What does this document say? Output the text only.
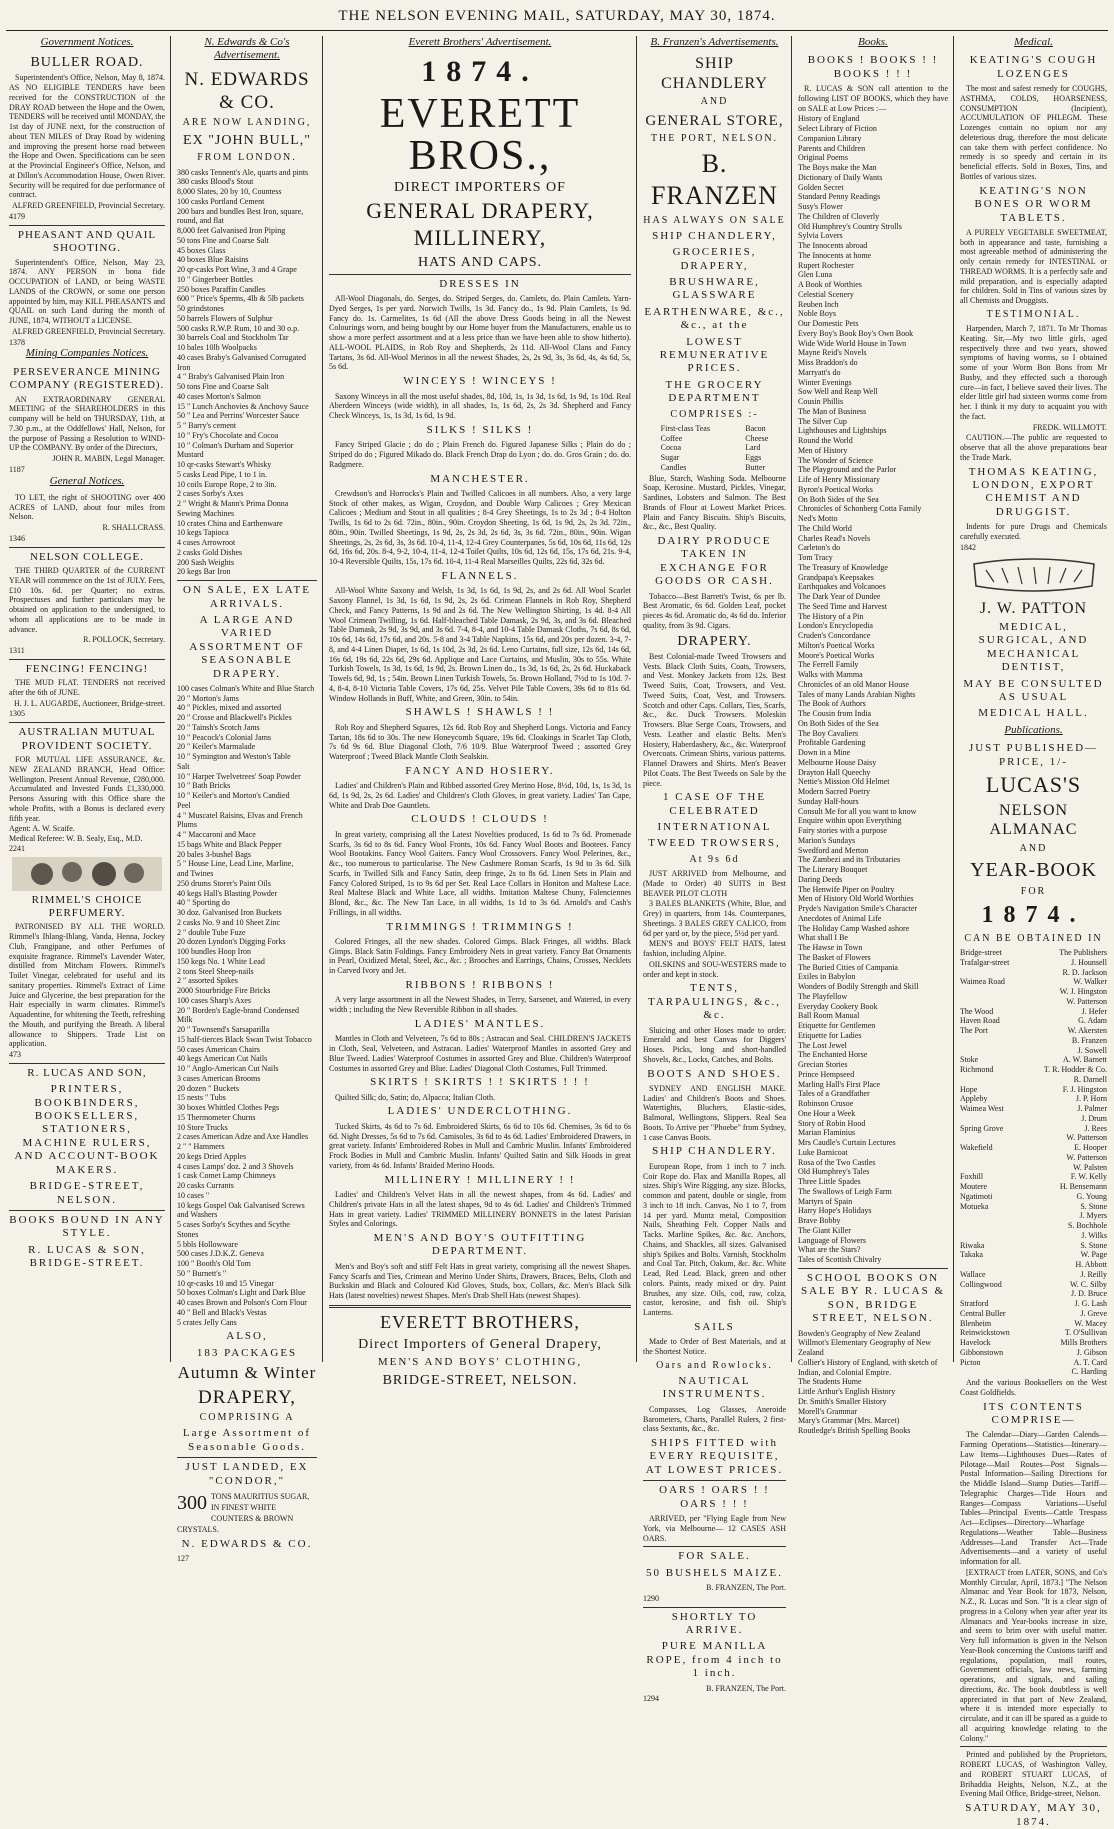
THE NELSON EVENING MAIL, SATURDAY, MAY 30, 1874.
Government Notices.
BULLER ROAD.
Superintendent's Office, Nelson, May 8, 1874. AS NO ELIGIBLE TENDERS have been received for the CONSTRUCTION of the DRAY ROAD between the Hope and the Owen, TENDERS will be received until MONDAY, the 1st day of JUNE next, for the construction of about TEN MILES of Dray Road by widening and improving the present horse road between the Hope and Owen. Specifications can be seen at the Provincial Engineer's Office, Nelson, and at Dillon's Accommodation House, Owen River. Security will be required for due performance of contract.
ALFRED GREENFIELD, Provincial Secretary.
4179
PHEASANT AND QUAIL SHOOTING.
Superintendent's Office, Nelson, May 23, 1874. ANY PERSON in bona fide OCCUPATION of LAND, or being WASTE LANDS of the CROWN, or some one person appointed by him, may KILL PHEASANTS and QUAIL on such Land during the month of JUNE, 1874, WITHOUT a LICENSE.
ALFRED GREENFIELD, Provincial Secretary.
1378
Mining Companies Notices.
PERSEVERANCE MINING COMPANY (REGISTERED).
AN EXTRAORDINARY GENERAL MEETING of the SHAREHOLDERS in this company will be held on THURSDAY, 11th, at 7.30 p.m., at the Oddfellows' Hall, Nelson, for the purpose of Passing a Resolution to WIND-UP the COMPANY. By order of the Directors,
JOHN R. MABIN, Legal Manager.
1187
General Notices.
TO LET, the right of SHOOTING over 400 ACRES of LAND, about four miles from Nelson.
R. SHALLCRASS.
1346
NELSON COLLEGE.
THE THIRD QUARTER of the CURRENT YEAR will commence on the 1st of JULY. Fees, £10 10s. 6d. per Quarter; no extras. Prospectuses and further particulars may be obtained on application to the undersigned, to whom all applications are to be made in advance.
R. POLLOCK, Secretary.
1311
FENCING! FENCING!
THE MUD FLAT. TENDERS not received after the 6th of JUNE.
H. J. L. AUGARDE, Auctioneer, Bridge-street.
1305
AUSTRALIAN MUTUAL PROVIDENT SOCIETY.
FOR MUTUAL LIFE ASSURANCE, &c. NEW ZEALAND BRANCH, Head Office: Wellington. Present Annual Revenue, £280,000. Accumulated and Invested Funds £1,330,000. Persons Assuring with this Office share the whole Profits, with a Bonus is declared every fifth year.
Agent: A. W. Scaife.
Medical Referee: W. B. Sealy, Esq., M.D.
2241
RIMMEL'S CHOICE PERFUMERY.
PATRONISED BY ALL THE WORLD. Rimmel's Ihlang-Ihlang, Vanda, Henna, Jockey Club, Frangipane, and other Perfumes of exquisite fragrance. Rimmel's Lavender Water, distilled from Mitcham Flowers. Rimmel's Toilet Vinegar, celebrated for useful and its sanitary properties. Rimmel's Extract of Lime Juice and Glycerine, the best preparation for the Hair especially in warm climates. Rimmel's Aquadentine, for whitening the Teeth, refreshing the Mouth, and purifying the Breath. A liberal allowance to Shippers. Trade List on application.
473
R. LUCAS AND SON,
PRINTERS, BOOKBINDERS, BOOKSELLERS, STATIONERS, MACHINE RULERS, AND ACCOUNT-BOOK MAKERS.
BRIDGE-STREET, NELSON.
BOOKS BOUND IN ANY STYLE.
R. LUCAS & SON, BRIDGE-STREET.
N. Edwards & Co's Advertisement.
N. EDWARDS & CO.
ARE NOW LANDING,
EX "JOHN BULL,"
FROM LONDON.
380 casks Tennent's Ale, quarts and pints
380 casks Blood's Stout
8,000 Slates, 20 by 10, Countess
100 casks Portland Cement
200 bars and bundles Best Iron, square,
round, and flat
8,000 feet Galvanised Iron Piping
50 tons Fine and Coarse Salt
45 boxes Glass
40 boxes Blue Raisins
20 qr-casks Port Wine, 3 and 4 Grape
10 " Gingerbeer Bottles
250 boxes Paraffin Candles
600 " Price's Sperms, 4lb & 5lb packets
50 grindstones
50 barrels Flowers of Sulphur
500 casks R.W.P. Rum, 10 and 30 o.p.
30 barrels Coal and Stockholm Tar
10 bales 10lb Woolpacks
40 cases Braby's Galvanised Corrugated
Iron
4 " Braby's Galvanised Plain Iron
50 tons Fine and Coarse Salt
40 cases Morton's Salmon
15 " Lunch Anchovies & Anchovy Sauce
50 " Lea and Perrins' Worcester Sauce
5 " Barry's cement
10 " Fry's Chocolate and Cocoa
10 " Colman's Durham and Superior
Mustard
10 qr-casks Stewart's Whisky
5 casks Lead Pipe, 1 to 1 in.
10 coils Europe Rope, 2 to 3in.
2 cases Sorby's Axes
2 " Wright & Mann's Prima Donna
Sewing Machines
10 crates China and Earthenware
10 kegs Tapioca
4 cases Arrowroot
2 casks Gold Dishes
200 Sash Weights
20 kegs Bar Iron
ON SALE, EX LATE ARRIVALS.
A LARGE AND VARIED ASSORTMENT OF SEASONABLE DRAPERY.
100 cases Colman's White and Blue Starch
20 " Morton's Jams
40 " Pickles, mixed and assorted
20 " Crosse and Blackwell's Pickles
20 " Tainsh's Scotch Jams
10 " Peacock's Colonial Jams
20 " Keiler's Marmalade
10 " Symington and Weston's Table
Salt
10 " Harper Twelvetrees' Soap Powder
10 " Bath Bricks
10 " Keiler's and Morton's Candied
Peel
4 " Muscatel Raisins, Elvas and French
Plums
4 " Maccaroni and Mace
15 bags White and Black Pepper
20 bales 3-bushel Bags
5 " House Line, Lead Line, Marline,
and Twines
250 drums Storer's Paint Oils
40 kegs Hall's Blasting Powder
40 " Sporting do
30 doz. Galvanised Iron Buckets
2 casks No. 9 and 10 Sheet Zinc
2 " double Tube Fuze
20 dozen Lyndon's Digging Forks
100 bundles Hoop Iron
150 kegs No. 1 White Lead
2 tons Steel Sheep-nails
2 " assorted Spikes
2000 Stourbridge Fire Bricks
100 cases Sharp's Axes
20 " Borden's Eagle-brand Condensed
Milk
20 " Townsend's Sarsaparilla
15 half-tierces Black Swan Twist Tobacco
50 cases American Chairs
40 kegs American Cut Nails
10 " Anglo-American Cut Nails
3 cases American Brooms
20 dozen " Buckets
15 nests " Tubs
30 boxes Whittled Clothes Pegs
15 Thermometer Churns
10 Store Trucks
2 cases American Adze and Axe Handles
2 " " Hammers
20 kegs Dried Apples
4 cases Lamps' doz. 2 and 3 Shovels
1 cask Comet Lamp Chimneys
20 casks Currants
10 cases "
10 kegs Gospel Oak Galvanised Screws
and Washers
5 cases Sorby's Scythes and Scythe
Stones
5 bbls Hollowware
500 cases J.D.K.Z. Geneva
100 " Booth's Old Tom
50 " Burnett's "
10 qr-casks 10 and 15 Vinegar
50 boxes Colman's Light and Dark Blue
40 cases Brown and Polson's Corn Flour
40 " Bell and Black's Vestas
5 crates Jelly Cans
ALSO,
183 PACKAGES
Autumn & Winter
DRAPERY,
COMPRISING A
Large Assortment of Seasonable Goods.
JUST LANDED, EX "CONDOR,"
300 TONS MAURITIUS SUGAR, IN FINEST WHITE COUNTERS & BROWN CRYSTALS.
N. EDWARDS & CO.
127
Everett Brothers' Advertisement.
1874.
EVERETT BROS.,
DIRECT IMPORTERS OF
GENERAL DRAPERY, MILLINERY,
HATS AND CAPS.
DRESSES IN
All-Wool Diagonals, do. Serges, do. Striped Serges, do. Camlets, do. Plain Camlets. Yarn-Dyed Serges, 1s per yard. Norwich Twills, 1s 3d. Fancy do., 1s 9d. Plain Camlets, 1s 9d. Fancy do. 1s. Carmelites, 1s 6d (All the above Dress Goods being in all the Newest Colourings worn, and being bought by our Home buyer from the Manufacturers, enable us to show a more perfect assortment and at a less price than we have been able to show hitherto). ALL-WOOL PLAIDS, in Rob Roy and Shepherds, 2s 11d. All-Wool Clans and Fancy Tartans, 3s 6d. All-Wool Merinos in all the newest Shades, 2s, 2s 9d, 3s, 3s 6d, 4s, 4s 6d, 5s, 5s 6d.
WINCEYS ! WINCEYS !
Saxony Winceys in all the most useful shades, 8d, 10d, 1s, 1s 3d, 1s 6d, 1s 9d, 1s 10d. Real Aberdeen Winceys (wide width), in all shades, 1s, 1s 6d, 2s, 2s 3d. Shepherd and Fancy Check Winceys, 1s, 1s 3d, 1s 6d, 1s 9d.
SILKS ! SILKS !
Fancy Striped Glacie ; do do ; Plain French do. Figured Japanese Silks ; Plain do do ; Striped do do ; Figured Mikado do. Black French Drap do Lyon ; do. do. Gros Grain ; do. do. Radgmere.
MANCHESTER.
Crewdson's and Horrocks's Plain and Twilled Calicoes in all numbers. Also, a very large Stock of other makes, as Wigan, Croydon, and Double Warp Calicoes ; Grey Mexican Calicoes ; Medium and Stout in all qualities ; 8-4 Grey Sheetings, 1s to 2s 3d ; 8-4 Holton Twills, 1s 6d to 2s 6d. 72in., 80in., 90in. Croydon Sheeting, 1s 6d, 1s 9d, 2s, 2s 3d. 72in., 80in., 90in. Twilled Sheetings, 1s 9d, 2s, 2s 3d, 2s 6d, 3s, 3s 6d. 72in., 80in., 90in. Wigan Sheetings, 2s, 2s 6d, 3s, 3s 6d. 10-4, 11-4, 12-4 Grey Counterpanes, 5s 6d, 10s 6d, 11s 6d, 12s 6d, 16s 6d, 20s. 8-4, 9-2, 10-4, 11-4, 12-4 Toilet Quilts, 10s 6d, 12s 6d, 15s, 17s 6d, 21s. 9-4, 10-4 Reversible Quilts, 15s, 17s 6d. 10-4, 11-4 Real Marseilles Quilts, 22s 6d, 32s 6d.
FLANNELS.
All-Wool White Saxony and Welsh, 1s 3d, 1s 6d, 1s 9d, 2s, and 2s 6d. All Wool Scarlet Saxony Flannel, 1s 3d, 1s 6d, 1s 9d, 2s, 2s 6d. Crimean Flannels in Rob Roy, Shepherd Check, and Fancy Patterns, 1s 9d and 2s 6d. The New Wellington Shirting, 1s 4d. 8-4 All Wool Crimean Twilling, 1s 6d. Half-bleached Table Damask, 2s 9d, 3s, and 3s 6d. Bleached Table Damask, 2s 9d, 3s 9d, and 3s 6d. 7-4, 8-4, and 10-4 Table Damask Cloths, 7s 6d, 8s 6d, 10s 6d, 14s 6d, 17s 6d, and 20s. 5-8 and 3-4 Table Napkins, 15s 6d, and 20s per dozen. 3-4, 7-8, and 4-4 Linen Diaper, 1s 6d, 1s 10d, 2s 3d, 2s 6d. Leno Curtains, full size, 12s 6d, 14s 6d, 16s 6d, 19s 6d, 22s 6d, 29s 6d. Applique and Lace Curtains, and Muslin, 30s to 55s. White Turkish Towels, 1s 3d, 1s 6d, 1s 9d, 2s. Brown Linen do., 1s 3d, 1s 6d, 2s, 2s 6d. Huckaback Towels 6d, 9d, 1s ; 54in. Brown Linen Turkish Towels, 5s. Brown Holland, 7½d to 1s 10d. 7-4, 8-4, 8-10 Victoria Table Covers, 17s 6d, 25s. Velvet Pile Table Covers, 39s 6d to 81s 6d. Window Hollands in Buff, White, and Green, 30in. to 54in.
SHAWLS ! SHAWLS ! !
Rob Roy and Shepherd Squares, 12s 6d. Rob Roy and Shepherd Longs. Victoria and Fancy Tartan, 18s 6d to 30s. The new Honeycomb Square, 19s 6d. Cloakings in Scarlet Tap Cloth, 7s 6d 9s 6d. Blue Diagonal Cloth, 7/6 10/9. Blue Waterproof Tweed ; assorted Grey Waterproof ; Tweed Black Mantle Cloth Sealskin.
FANCY AND HOSIERY.
Ladies' and Children's Plain and Ribbed assorted Grey Merino Hose, 8½d, 10d, 1s, 1s 3d, 1s 6d, 1s 9d, 2s, 2s 6d. Ladies' and Children's Cloth Gloves, in great variety. Ladies' Tan Cape, White and Drab Doe Gauntlets.
CLOUDS ! CLOUDS !
In great variety, comprising all the Latest Novelties produced, 1s 6d to 7s 6d. Promenade Scarfs, 3s 6d to 8s 6d. Fancy Wool Fronts, 10s 6d. Fancy Wool Boots and Bootees. Fancy Wool Bootakins. Fancy Wool Gaiters. Fancy Wool Crossovers. Fancy Wool Pelerines, &c., &c., too numerous to particularise. The New Cashmere Roman Scarfs, 1s 9d to 3s 6d. Silk Scarfs, in Twilled Silk and Fancy Satin, deep fringe, 2s to 8s 6d. Linen Sets in Plain and Fancy Colored Striped, 1s to 9s 6d per Set. Real Lace Collars in Honiton and Maltese Lace. Real Maltese Black and White Lace, all widths. Imitation Maltese Chuny, Falenciennes Blond, &c., &c. The New Tan Lace, in all widths, 1s 1d to 3s 6d. Arnold's and Cash's Frillings, in all widths.
TRIMMINGS ! TRIMMINGS !
Colored Fringes, all the new shades. Colored Gimps. Black Fringes, all widths. Black Gimps. Black Satin Foldings. Fancy Embroidery Nets in great variety. Fancy Bat Ornaments in Pearl, Oxidized Metal, Steel, &c., &c. ; Brooches and Earrings, Chains, Crosses, Necklets in Carved Ivory and Jet.
RIBBONS ! RIBBONS !
A very large assortment in all the Newest Shades, in Terry, Sarsenet, and Watered, in every width ; including the New Reversible Ribbon in all shades.
LADIES' MANTLES.
Mantles in Cloth and Velveteen, 7s 6d to 80s ; Astracan and Seal. CHILDREN'S JACKETS in Cloth, Seal, Velveteen, and Astracan. Ladies' Waterproof Mantles in assorted Grey and Blue Tweed. Ladies' Waterproof Costumes in assorted Grey and Blue. Children's Waterproof Costumes in assorted Grey and Blue. Ladies' Diagonal Cloth Costumes, Full Trimmed.
SKIRTS ! SKIRTS ! ! SKIRTS ! ! !
Quilted Silk; do, Satin; do, Alpacca; Italian Cloth.
LADIES' UNDERCLOTHING.
Tucked Skirts, 4s 6d to 7s 6d. Embroidered Skirts, 6s 6d to 10s 6d. Chemises, 3s 6d to 6s 6d. Night Dresses, 5s 6d to 7s 6d. Camisoles, 3s 6d to 4s 6d. Ladies' Embroidered Drawers, in great variety. Infants' Embroidered Robes in Mull and Cambric Muslin. Infants' Embroidered Frock Bodies in Mull and Cambric Muslin. Infants' Quilted Satin and Silk Hoods in great variety, from 4s 6d. Infants' Braided Merino Hoods.
MILLINERY ! MILLINERY ! !
Ladies' and Children's Velvet Hats in all the newest shapes, from 4s 6d. Ladies' and Children's private Hats in all the latest shapes, 9d to 4s 6d. Ladies' and Children's Trimmed Hats in great variety. Ladies' TRIMMED MILLINERY BONNETS in the latest Parisian Styles and Colorings.
MEN'S AND BOY'S OUTFITTING DEPARTMENT.
Men's and Boy's soft and stiff Felt Hats in great variety, comprising all the newest Shapes. Fancy Scarfs and Ties, Crimean and Merino Under Shirts, Drawers, Braces, Belts, Cloth and Buckskin and Black and Coloured Kid Gloves, Studs, box, Collars, &c. Men's Black Silk Hats (latest novelties) newest Shapes. Men's Drab Shell Hats (newest Shapes).
EVERETT BROTHERS,
Direct Importers of General Drapery,
MEN'S AND BOYS' CLOTHING,
BRIDGE-STREET, NELSON.
B. Franzen's Advertisements.
SHIP CHANDLERY
AND
GENERAL STORE,
THE PORT, NELSON.
B. FRANZEN
HAS ALWAYS ON SALE
SHIP CHANDLERY,
GROCERIES, DRAPERY,
BRUSHWARE, GLASSWARE
EARTHENWARE, &c., &c., at the
LOWEST REMUNERATIVE PRICES.
THE GROCERY DEPARTMENT
COMPRISES :-
First-class Teas
Coffee
Cocoa
Sugar
Candles
Bacon
Cheese
Lard
Eggs
Butter
Blue, Starch, Washing Soda. Melbourne Soap, Kerosine. Mustard, Pickles, Vinegar, Sardines, Lobsters and Salmon. The Best Brands of Flour at Lowest Market Prices. Plain and Fancy Biscuits. Ship's Biscuits, &c., &c., Best Quality.
DAIRY PRODUCE TAKEN IN EXCHANGE FOR GOODS OR CASH.
Tobacco—Best Barrett's Twist, 6s per lb. Best Aromatic, 6s 6d. Golden Leaf, pocket pieces 4s 6d. Aromatic do, 4s 6d do. Inferior quality, from 3s 9d. Cigars.
DRAPERY.
Best Colonial-made Tweed Trowsers and Vests. Black Cloth Suits, Coats, Trowsers, and Vest. Monkey Jackets from 12s. Best Tweed Suits, Coat, Trowsers, and Vest. Tweed Suits, Coat, Vest, and Trowsers. Scotch and other Caps. Collars, Ties, Scarfs, &c., &c. Duck Trowsers. Moleskin Trowsers. Blue Serge Coats, Trowsers, and Vests. Leather and elastic Belts. Men's Hosiery, Haberdashery, &c., &c. Waterproof Overcoats. Crimean Shirts, various patterns. Flannel Drawers and Shirts. Men's Beaver Pilot Coats. The Best Tweeds on Sale by the piece.
1 CASE OF THE CELEBRATED
INTERNATIONAL
TWEED TROWSERS,
At 9s 6d
JUST ARRIVED from Melbourne, and (Made to Order) 40 SUITS in Best BEAVER PILOT CLOTH
3 BALES BLANKETS (White, Blue, and Grey) in quarters, from 14s. Counterpanes, Sheetings. 3 BALES GREY CALICO, from 6d per yard or, by the piece, 5½d per yard.
MEN'S and BOYS' FELT HATS, latest fashion, including Alpine.
OILSKINS and SOU-WESTERS made to order and kept in stock.
TENTS, TARPAULINGS, &c., &c.
Sluicing and other Hoses made to order. Emerald and best Canvas for Diggers' Hoses. Picks, long and short-handled Shovels, &c., Locks, Catches, and Bolts.
BOOTS AND SHOES.
SYDNEY AND ENGLISH MAKE. Ladies' and Children's Boots and Shoes. Watertights, Bluchers, Elastic-sides, Balmoral, Wellingtons, Slippers. Real Sea Boots. To Arrive per "Phoebe" from Sydney, 1 case Canvas Boots.
SHIP CHANDLERY.
European Rope, from 1 inch to 7 inch. Coir Rope do. Flax and Manilla Ropes, all sizes. Ship's Wire Rigging, any size. Blocks, common and patent, double or single, from 3 inch to 18 inch. Canvas, No 1 to 7, from 14 per yard. Muntz metal, Composition Nails, Sheathing Felt. Copper Nails and Tacks. Marline Spikes, &c. &c. Anchors, Chains, and Shackles, all sizes. Galvanised ship's Spikes and Bolts. Varnish, Stockholm and Coal Tar. Pitch, Oakum, &c. &c. White Lead, Red Lead. Black, green and other colors. Paints, ready mixed or dry. Paint Brushes, any size. Oils, cod, raw, colza, castor, kerosine, and fish oil. Ship's Lanterns.
SAILS
Made to Order of Best Materials, and at the Shortest Notice.
Oars and Rowlocks.
NAUTICAL INSTRUMENTS.
Compasses, Log Glasses, Aneroide Barometers, Charts, Parallel Rulers, 2 first-class Sextants, &c., &c.
SHIPS FITTED with EVERY REQUISITE, AT LOWEST PRICES.
OARS ! OARS ! ! OARS ! ! !
ARRIVED, per "Flying Eagle from New York, via Melbourne— 12 CASES ASH OARS.
FOR SALE.
50 BUSHELS MAIZE.
B. FRANZEN, The Port.
1290
SHORTLY TO ARRIVE.
PURE MANILLA ROPE, from 4 inch to 1 inch.
B. FRANZEN, The Port.
1294
Books.
BOOKS ! BOOKS ! ! BOOKS ! ! !
R. LUCAS & SON call attention to the following LIST OF BOOKS, which they have on SALE at Low Prices :—
History of England
Select Library of Fiction
Companion Library
Parents and Children
Original Poems
The Boys make the Man
Dictionary of Daily Wants
Golden Secret
Standard Penny Readings
Susy's Flower
The Children of Cloverly
Old Humphrey's Country Strolls
Sylvia Lovers
The Innocents abroad
The Innocents at home
Rupert Rochester
Glen Luna
A Book of Worthies
Celestial Scenery
Reuben Inch
Noble Boys
Our Domestic Pets
Every Boy's Book Boy's Own Book
Wide Wide World House in Town
Mayne Reid's Novels
Miss Braddon's do
Marryatt's do
Winter Evenings
Sow Well and Reap Well
Cousin Phillis
The Man of Business
The Silver Cup
Lighthouses and Lightships
Round the World
Men of History
The Wonder of Science
The Playground and the Parlor
Life of Henry Missionary
Byron's Poetical Works
On Both Sides of the Sea
Chronicles of Schonberg Cotta Family
Ned's Motto
The Child World
Charles Read's Novels
Carleton's do
Tom Tracy
The Treasury of Knowledge
Grandpapa's Keepsakes
Earthquakes and Volcanoes
The Dark Year of Dundee
The Seed Time and Harvest
The History of a Pin
London's Encyclopedia
Cruden's Concordance
Milton's Poetical Works
Moore's Poetical Works
The Ferrell Family
Walks with Mamma
Chronicles of an old Manor House
Tales of many Lands Arabian Nights
The Book of Authors
The Cousin from India
On Both Sides of the Sea
The Boy Cavaliers
Profitable Gardening
Down in a Mine
Melbourne House Daisy
Drayton Hall Queechy
Nettie's Mission Old Helmet
Modern Sacred Poetry
Sunday Half-hours
Consult Me for all you want to know
Enquire within upon Everything
Fairy stories with a purpose
Marion's Sundays
Swedford and Merton
The Zambezi and its Tributaries
The Literary Bouquet
Daring Deeds
The Henwife Piper on Poultry
Men of History Old World Worthies
Pryde's Navigation Smile's Character
Anecdotes of Animal Life
The Holiday Camp Washed ashore
What shall I Be
The Hawse in Town
The Basket of Flowers
The Buried Cities of Campania
Exiles in Babylon
Wonders of Bodily Strength and Skill
The Playfellow
Everyday Cookery Book
Ball Room Manual
Etiquette for Gentlemen
Etiquette for Ladies
The Lost Jewel
The Enchanted Horse
Grecian Stories
Prince Hempseed
Marling Hall's First Place
Tales of a Grandfather
Robinson Crusoe
One Hour a Week
Story of Robin Hood
Marian Flaminius
Mrs Caudle's Curtain Lectures
Luke Barnicoat
Rosa of the Two Castles
Old Humphrey's Tales
Three Little Spades
The Swallows of Leigh Farm
Martyrs of Spain
Harry Hope's Holidays
Brave Bobby
The Giant Killer
Language of Flowers
What are the Stars?
Tales of Scottish Chivalry
SCHOOL BOOKS ON SALE BY R. LUCAS & SON, BRIDGE STREET, NELSON.
Bowden's Geography of New Zealand
Willmot's Elementary Geography of New Zealand
Collier's History of England, with sketch of Indian, and Colonial Empire.
The Students Hume
Little Arthur's English History
Dr. Smith's Smaller History
Morell's Grammar
Mary's Grammar (Mrs. Marcet)
Routledge's British Spelling Books
Medical.
KEATING'S COUGH LOZENGES
The most and safest remedy for COUGHS, ASTHMA, COLDS, HOARSENESS, CONSUMPTION (Incipient), ACCUMULATION OF PHLEGM. These Lozenges contain no opium nor any deleterious drug, therefore the most delicate can take them with perfect confidence. No remedy is so speedy and certain in its beneficial effects. Sold in Boxes, Tins, and Bottles of various sizes.
KEATING'S NON BONES OR WORM TABLETS.
A PURELY VEGETABLE SWEETMEAT, both in appearance and taste, furnishing a most agreeable method of administering the only certain remedy for INTESTINAL or THREAD WORMS. It is a perfectly safe and mild preparation, and is especially adapted for children. Sold in Tins of various sizes by all Chemists and Druggists.
TESTIMONIAL.
Harpenden, March 7, 1871. To Mr Thomas Keating. Sir,—My two little girls, aged respectively three and two years, showed symptoms of having worms, so I obtained some of your Worm Bon Bons from Mr Busby, and they effected such a thorough cure—in fact, I believe saved their lives. The elder little girl had sixteen worms come from her. I think it my duty to acquaint you with the fact.
FREDK. WILLMOTT.
CAUTION.—The public are requested to observe that all the above preparations bear the Trade Mark.
THOMAS KEATING, LONDON, EXPORT CHEMIST AND DRUGGIST.
Indents for pure Drugs and Chemicals carefully executed.
1842
J. W. PATTON
MEDICAL, SURGICAL, AND MECHANICAL DENTIST,
MAY BE CONSULTED AS USUAL
MEDICAL HALL.
Publications.
JUST PUBLISHED—PRICE, 1/-
LUCAS'S
NELSON ALMANAC
AND
YEAR-BOOK
FOR
1874.
CAN BE OBTAINED IN
Bridge-street	The Publishers
Trafalgar-street	J. Hounsell
R. D. Jackson
Waimea Road	W. Walker
W. J. Hingston
W. Patterson
The Wood	J. Hefer
Haven Road	G. Adam
The Port	W. Akersten
B. Franzen
J. Sowell
Stoke	A. W. Barnett
Richmond	T. R. Hodder & Co.
R. Darnell
Hope	F. J. Hingston
Appleby	J. P. Horn
Waimea West	J. Palmer
J. Drum
Spring Grove	J. Rees
W. Patterson
Wakefield	E. Hooper
W. Patterson
W. Palsten
Foxhill	F. W. Kelly
Moutere	H. Bensemann
Ngatimoti	G. Young
Motueka	S. Stone
J. Myers
S. Bochhole
J. Wilks
Riwaka	S. Stone
Takaka	W. Page
H. Abbott
Wallace	J. Reilly
Collingwood	W. C. Silby
J. D. Bruce
Stratford	J. G. Lash
Central Buller	J. Greve
Blenheim	W. Macey
Reinwickstown	T. O'Sullivan
Havelock	Mills Brothers
Gibbonstown	J. Gibson
Picton	A. T. Card
C. Harding
And the various Booksellers on the West Coast Goldfields.
ITS CONTENTS COMPRISE—
The Calendar—Diary—Garden Calends—Farming Operations—Statistics—Itinerary—Law Items—Lighthouses Dues—Rates of Pilotage—Mail Routes—Post Signals—Postal Information—Sailing Directions for the Middle Island—Stamp Duties—Tariff—Telegraphic Charges—Tide Hours and Ranges—Compass Variations—Useful Tables—Principal Events—Cattle Trespass Act—Eclipses—Directory—Wharfage Regulations—Weather Table—Business Addresses—Land Transfer Act—Trade Advertisements—and a variety of useful information for all.
[EXTRACT from LATER, SONS, and Co's Monthly Circular, April, 1873.] "The Nelson Almanac and Year Book for 1873, Nelson, N.Z., R. Lucas and Son. "It is a clear sign of progress in a Colony when year after year its Almanacs and Year-books increase in size, and seem to brim over with useful matter. Very full information is given in the Nelson Year-Book concerning the Customs tariff and regulations, population, mail routes, Government officials, law news, farming operations, and signals, and sailing directions, &c. The book doubtless is well appreciated in that part of New Zealand, where it is intended more especially to circulate, and it can ill be spared as a guide to all acquiring knowledge relating to the Colony."
Printed and published by the Proprietors, ROBERT LUCAS, of Washington Valley, and ROBERT STUART LUCAS, of Brihaddia Heights, Nelson, N.Z., at the Evening Mail Office, Bridge-street, Nelson.
SATURDAY, MAY 30, 1874.
